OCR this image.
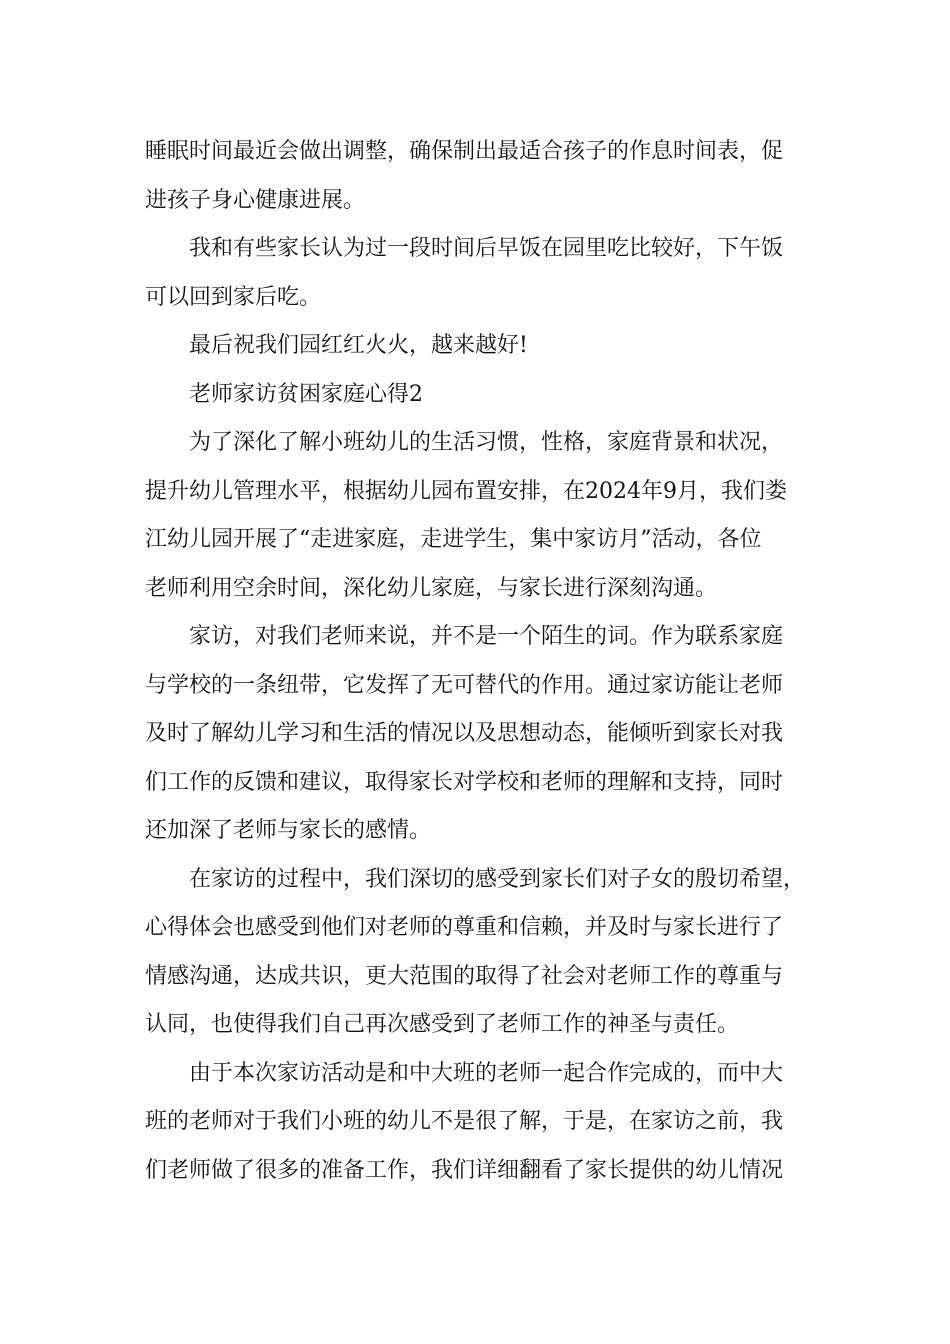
睡眠时间最近会做出调整，确保制出最适合孩子的作息时间表，促
进孩子身心健康进展。
我和有些家长认为过一段时间后早饭在园里吃比较好，下午饭
可以回到家后吃。
最后祝我们园红红火火，越来越好!
老师家访贫困家庭心得2
为了深化了解小班幼儿的生活习惯，性格，家庭背景和状况，
提升幼儿管理水平，根据幼儿园布置安排，在2024年9月，我们娄
江幼儿园开展了“走进家庭，走进学生，集中家访月”活动，各位
老师利用空余时间，深化幼儿家庭，与家长进行深刻沟通。
家访，对我们老师来说，并不是一个陌生的词。作为联系家庭
与学校的一条纽带，它发挥了无可替代的作用。通过家访能让老师
及时了解幼儿学习和生活的情况以及思想动态，能倾听到家长对我
们工作的反馈和建议，取得家长对学校和老师的理解和支持，同时
还加深了老师与家长的感情。
在家访的过程中，我们深切的感受到家长们对子女的殷切希望，
心得体会也感受到他们对老师的尊重和信赖，并及时与家长进行了
情感沟通，达成共识，更大范围的取得了社会对老师工作的尊重与
认同，也使得我们自己再次感受到了老师工作的神圣与责任。
由于本次家访活动是和中大班的老师一起合作完成的，而中大
班的老师对于我们小班的幼儿不是很了解，于是，在家访之前，我
们老师做了很多的准备工作，我们详细翻看了家长提供的幼儿情况
